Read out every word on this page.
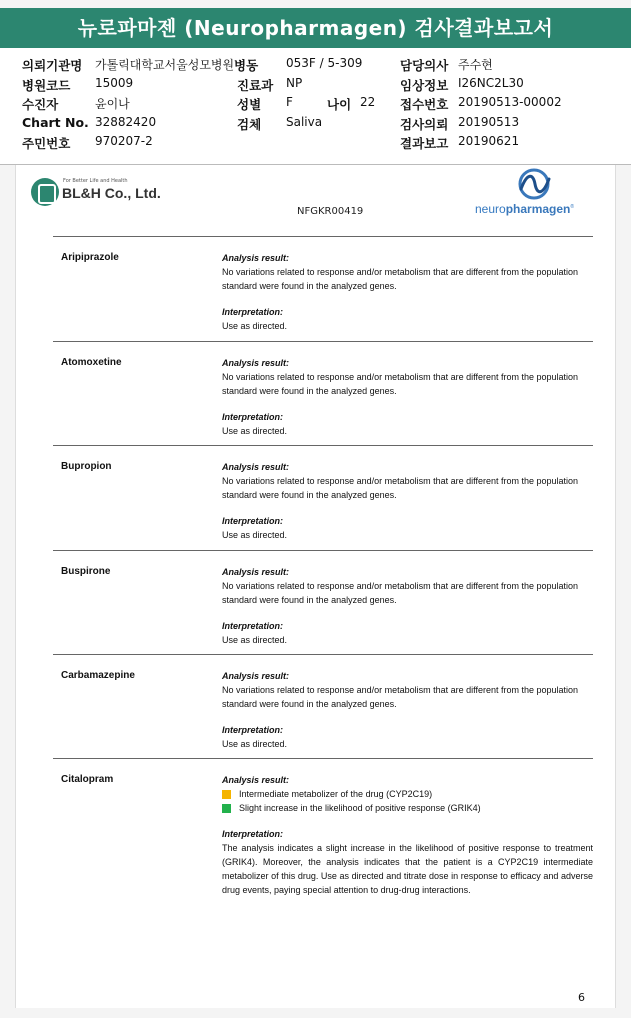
뉴로파마젠 (Neuropharmagen) 검사결과보고서
의뢰기관명 가톨릭대학교서울성모병원 병동 053F / 5-309	담당의사 주수현
병원코드 15009	진료과 NP	임상정보 I26NC2L30
수진자	윤이나	성별 F	나이 22 접수번호 20190513-00002
Chart No. 32882420	검체 Saliva	검사의뢰 20190513
주민번호 970207-2	결과보고 20190621
For Better Life and Health
BL&H Co., Ltd.
NFGKR00419	neuropharmagen®
Aripiprazole	Analysis result:
No variations related to response and/or metabolism that are different from the population standard were found in the analyzed genes.
Interpretation:
Use as directed.
Atomoxetine	Analysis result:
No variations related to response and/or metabolism that are different from the population standard were found in the analyzed genes.
Interpretation:
Use as directed.
Bupropion	Analysis result:
No variations related to response and/or metabolism that are different from the population standard were found in the analyzed genes.
Interpretation:
Use as directed.
Buspirone	Analysis result:
No variations related to response and/or metabolism that are different from the population standard were found in the analyzed genes.
Interpretation:
Use as directed.
Carbamazepine	Analysis result:
No variations related to response and/or metabolism that are different from the population standard were found in the analyzed genes.
Interpretation:
Use as directed.
Citalopram	Analysis result:
Intermediate metabolizer of the drug (CYP2C19)
Slight increase in the likelihood of positive response (GRIK4)
Interpretation:
The analysis indicates a slight increase in the likelihood of positive response to treatment (GRIK4). Moreover, the analysis indicates that the patient is a CYP2C19 intermediate metabolizer of this drug. Use as directed and titrate dose in response to efficacy and adverse drug events, paying special attention to drug-drug interactions.
6
